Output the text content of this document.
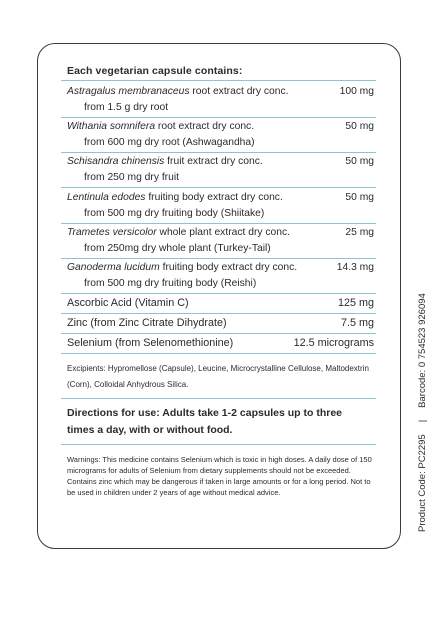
Each vegetarian capsule contains:
Astragalus membranaceus root extract dry conc.	100 mg
from 1.5 g dry root
Withania somnifera root extract dry conc.	50 mg
from 600 mg dry root (Ashwagandha)
Schisandra chinensis fruit extract dry conc.	50 mg
from 250 mg dry fruit
Lentinula edodes fruiting body extract dry conc.	50 mg
from 500 mg dry fruiting body (Shiitake)
Trametes versicolor whole plant extract dry conc.	25 mg
from 250mg dry whole plant (Turkey-Tail)
Ganoderma lucidum fruiting body extract dry conc.	14.3 mg
from 500 mg dry fruiting body (Reishi)
Ascorbic Acid (Vitamin C)	125 mg
Zinc (from Zinc Citrate Dihydrate)	7.5 mg
Selenium (from Selenomethionine)	12.5 micrograms
Excipients: Hypromellose (Capsule), Leucine, Microcrystalline Cellulose, Maltodextrin (Corn), Colloidal Anhydrous Silica.
Directions for use: Adults take 1-2 capsules up to three times a day, with or without food.
Warnings: This medicine contains Selenium which is toxic in high doses. A daily dose of 150 micrograms for adults of Selenium from dietary supplements should not be exceeded.
Contains zinc which may be dangerous if taken in large amounts or for a long period. Not to be used in children under 2 years of age without medical advice.	Product Code: PC2295|Barcode: 0 754523 926094
